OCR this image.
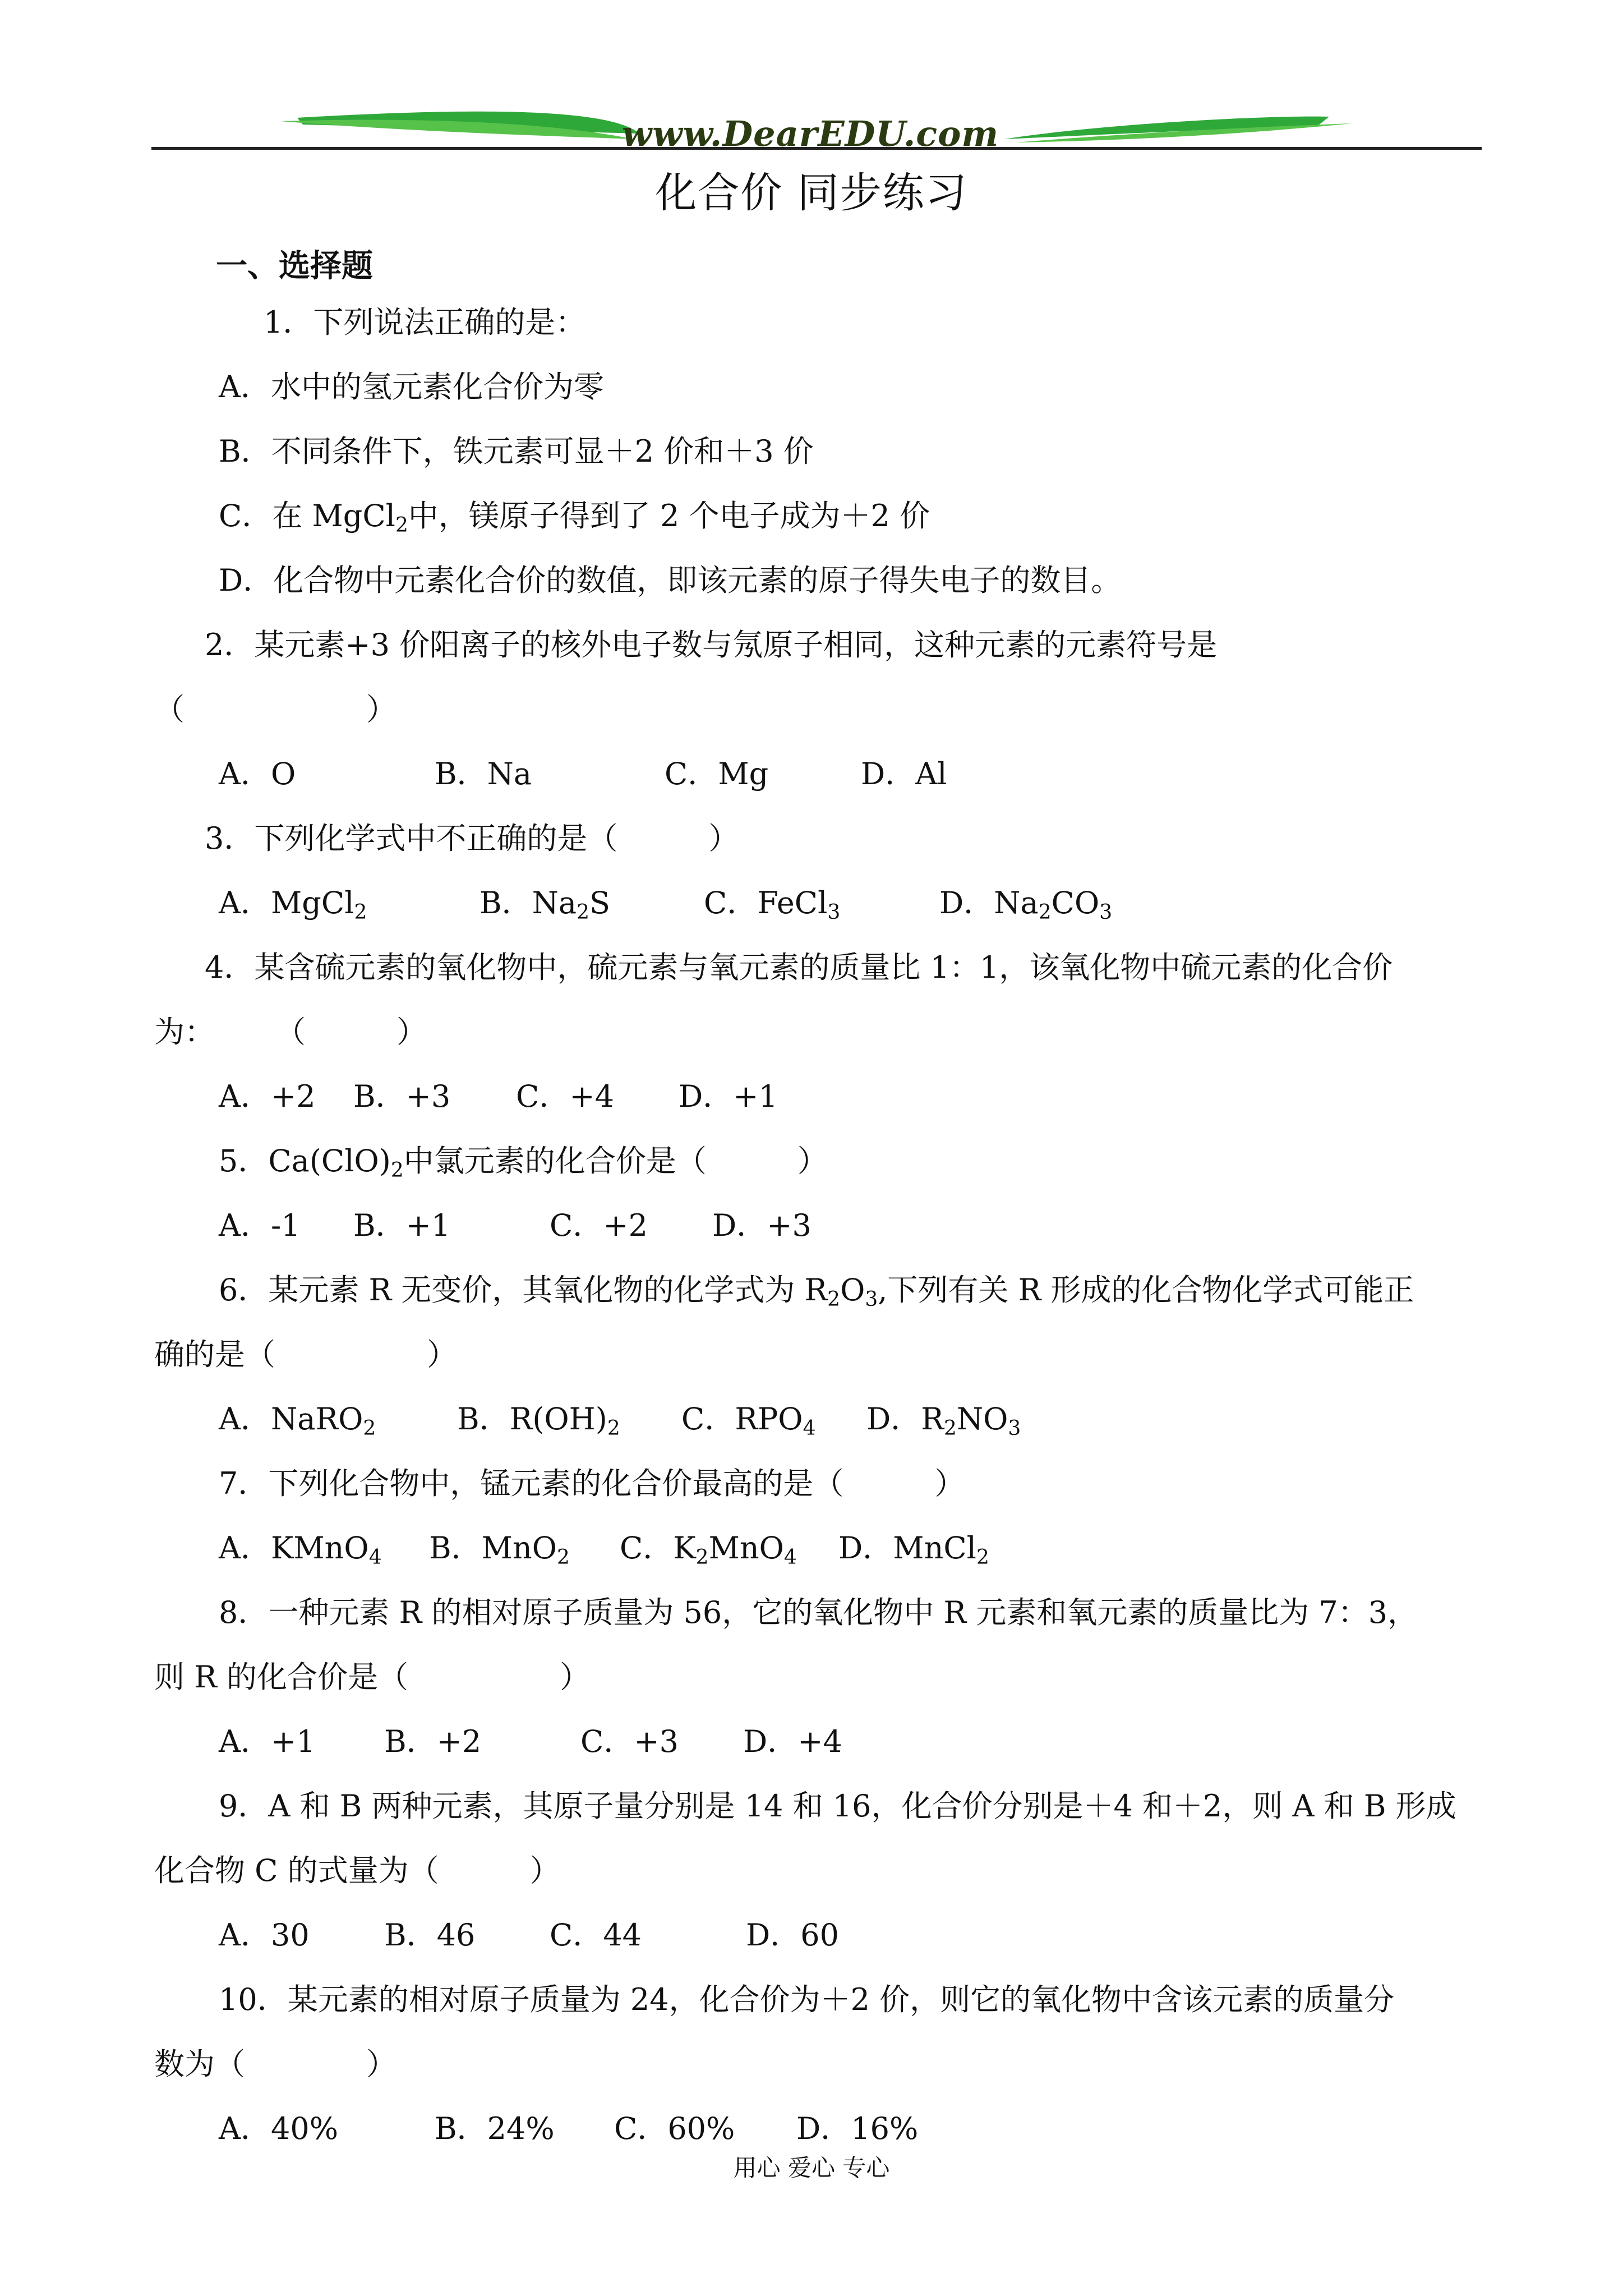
www.DearEDU.com
化合价 同步练习
一、选择题
1．下列说法正确的是：
A．水中的氢元素化合价为零
B．不同条件下，铁元素可显＋2 价和＋3 价
C．在 MgCl$_2$中，镁原子得到了 2 个电子成为＋2 价
D．化合物中元素化合价的数值，即该元素的原子得失电子的数目。
2．某元素+3 价阳离子的核外电子数与氖原子相同，这种元素的元素符号是
（　　　　　　）
A．O	B．Na	C．Mg	D．Al
3．下列化学式中不正确的是（　　　）
A．MgCl$_2$	B．$Na_2S$	C．FeCl$_3$	D．$Na_2CO_3$
4．某含硫元素的氧化物中，硫元素与氧元素的质量比 1：1，该氧化物中硫元素的化合价
为：　　　（　　　）
A．+2 B．+3 C．+4 D．+1
5．$Ca(ClO)_2$中氯元素的化合价是（　　　）
A．-1 B．+1	C．+2 D．+3
6．某元素 R 无变价，其氧化物的化学式为 $R_2O_3$,下列有关 R 形成的化合物化学式可能正
确的是（　　　　　）
A．NaRO$_2$	B．$R(OH)_2$ C．$RPO_4$ D．$R_2NO_3$
7．下列化合物中，锰元素的化合价最高的是（　　　）
A．KMnO$_4$ B．MnO$_2$ C．$K_2MnO_4$ D．MnCl$_2$
8．一种元素 R 的相对原子质量为 56，它的氧化物中 R 元素和氧元素的质量比为 7：3，
则 R 的化合价是（　　　　　）
A．+1 B．+2	C．+3 D．+4
9．A 和 B 两种元素，其原子量分别是 14 和 16，化合价分别是＋4 和＋2，则 A 和 B 形成
化合物 C 的式量为（　　　）
A．30 B．46 C．44	D．60
10．某元素的相对原子质量为 24，化合价为＋2 价，则它的氧化物中含该元素的质量分
数为（　　　　）
A．40%	B．24% C．60% D．16%
用心 爱心 专心
